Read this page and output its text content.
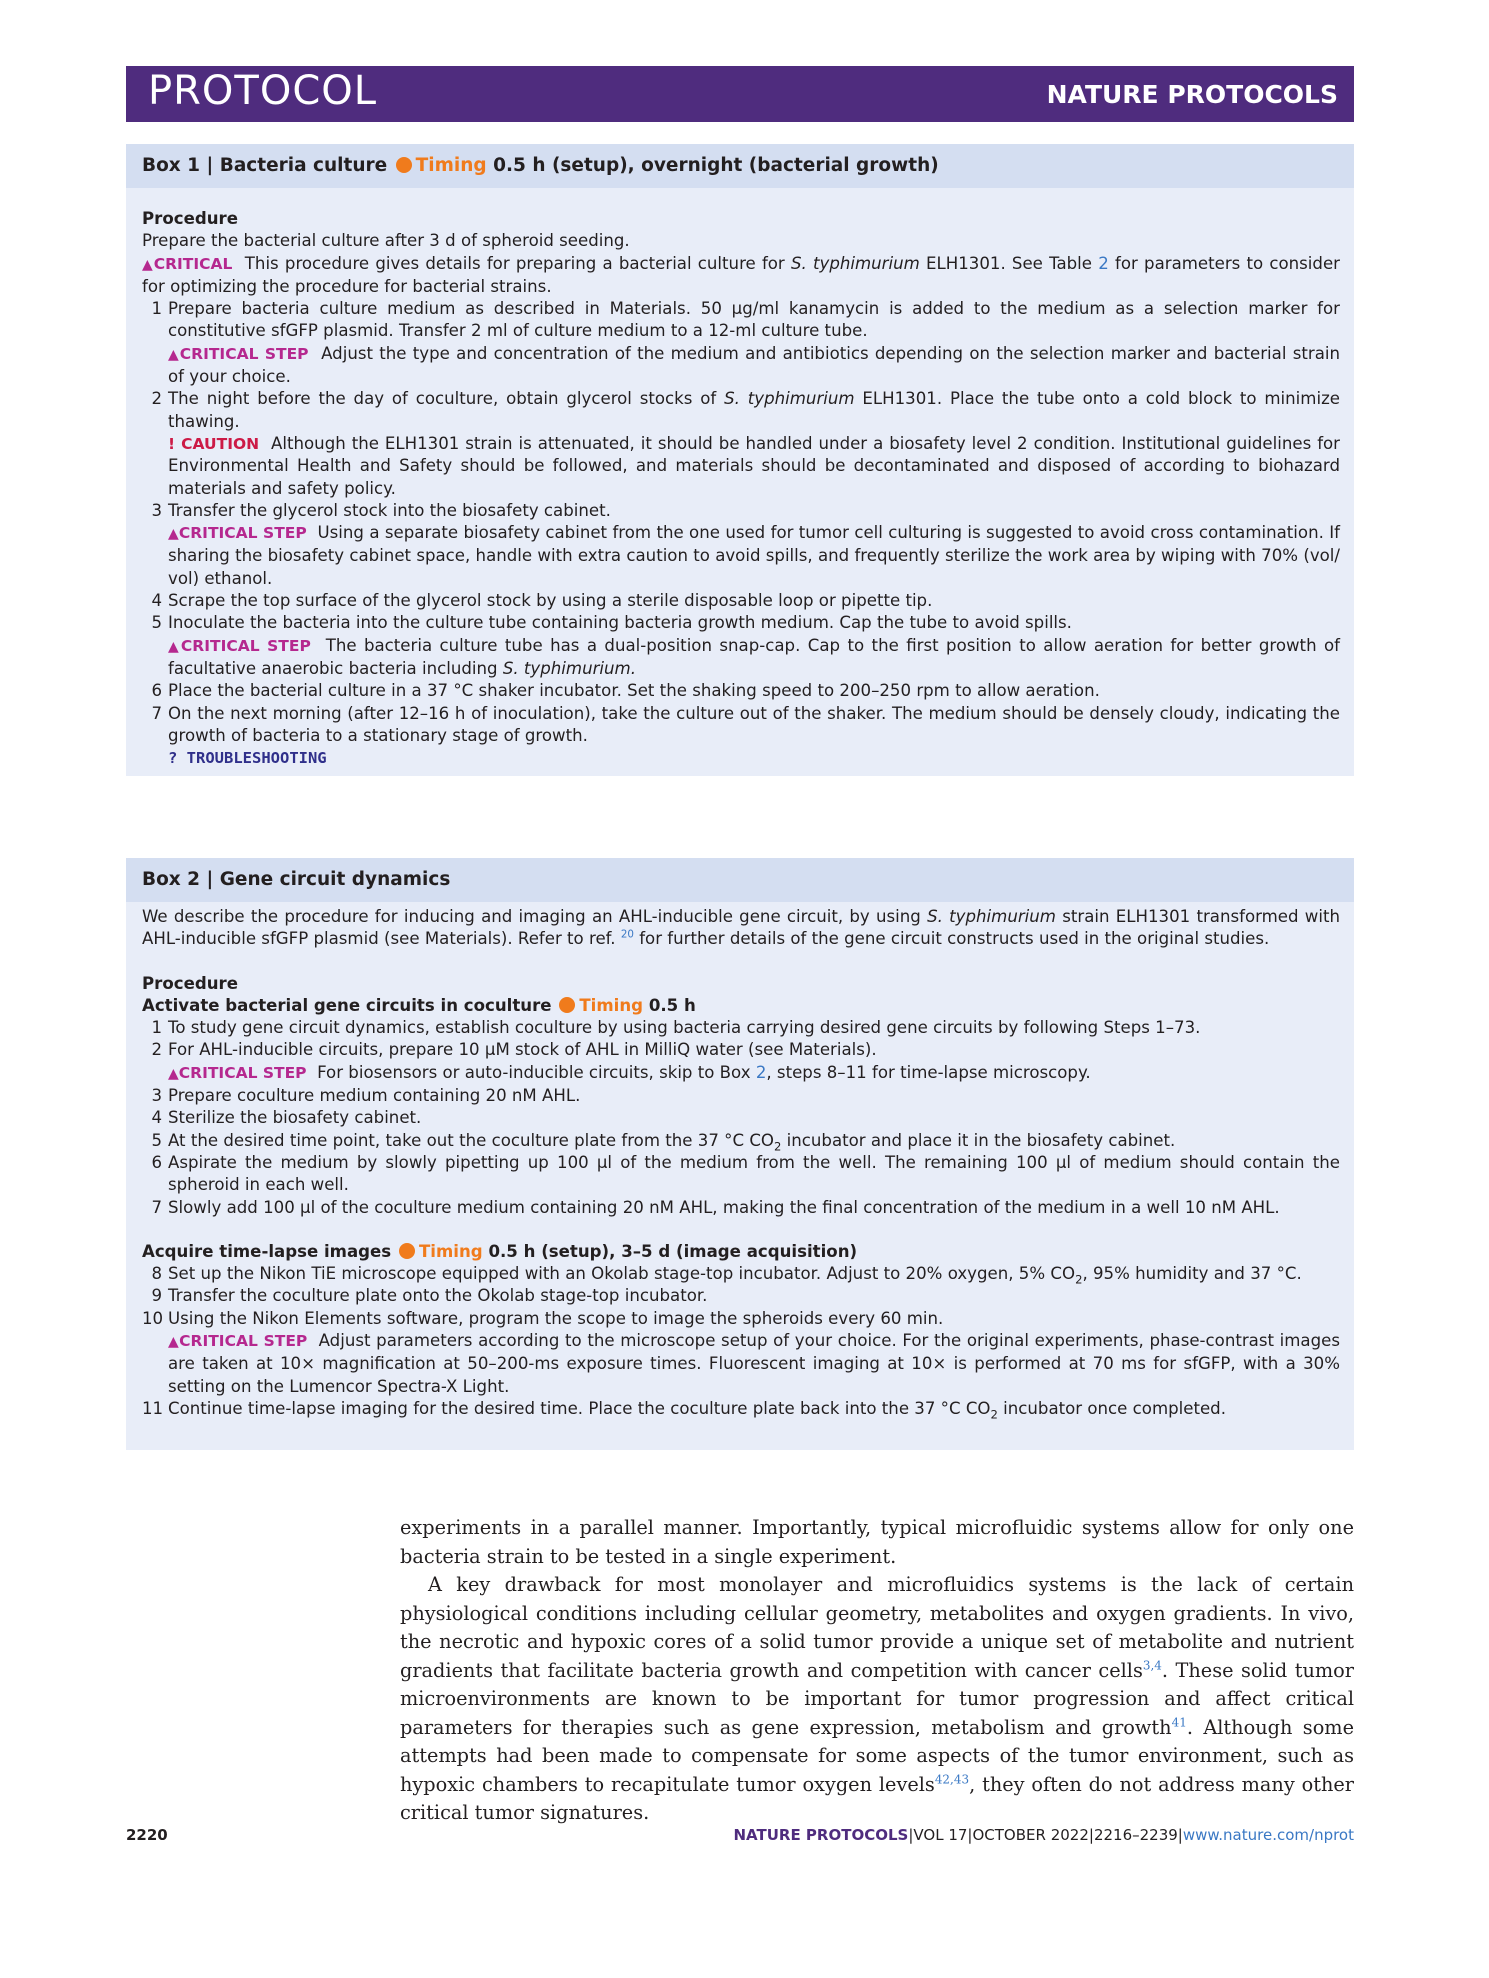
PROTOCOL	NATURE PROTOCOLS
Box 1 | Bacteria culture Timing 0.5 h (setup), overnight (bacterial growth)

Procedure

Prepare the bacterial culture after 3 d of spheroid seeding.

▲CRITICAL This procedure gives details for preparing a bacterial culture for S. typhimurium ELH1301. See Table 2 for parameters to consider for optimizing the procedure for bacterial strains.

1 Prepare bacteria culture medium as described in Materials. 50 µg/ml kanamycin is added to the medium as a selection marker for constitutive sfGFP plasmid. Transfer 2 ml of culture medium to a 12-ml culture tube.

▲CRITICAL STEP Adjust the type and concentration of the medium and antibiotics depending on the selection marker and bacterial strain of your choice.

2 The night before the day of coculture, obtain glycerol stocks of S. typhimurium ELH1301. Place the tube onto a cold block to minimize thawing.

! CAUTION Although the ELH1301 strain is attenuated, it should be handled under a biosafety level 2 condition. Institutional guidelines for Environmental Health and Safety should be followed, and materials should be decontaminated and disposed of according to biohazard materials and safety policy.

3 Transfer the glycerol stock into the biosafety cabinet.

▲CRITICAL STEP Using a separate biosafety cabinet from the one used for tumor cell culturing is suggested to avoid cross contamination. If sharing the biosafety cabinet space, handle with extra caution to avoid spills, and frequently sterilize the work area by wiping with 70% (vol/ vol) ethanol.

4 Scrape the top surface of the glycerol stock by using a sterile disposable loop or pipette tip.

5 Inoculate the bacteria into the culture tube containing bacteria growth medium. Cap the tube to avoid spills.

▲CRITICAL STEP The bacteria culture tube has a dual-position snap-cap. Cap to the first position to allow aeration for better growth of facultative anaerobic bacteria including S. typhimurium.

6 Place the bacterial culture in a 37 °C shaker incubator. Set the shaking speed to 200–250 rpm to allow aeration.

7 On the next morning (after 12–16 h of inoculation), take the culture out of the shaker. The medium should be densely cloudy, indicating the growth of bacteria to a stationary stage of growth.

? TROUBLESHOOTING

Box 2 | Gene circuit dynamics

We describe the procedure for inducing and imaging an AHL-inducible gene circuit, by using S. typhimurium strain ELH1301 transformed with AHL-inducible sfGFP plasmid (see Materials). Refer to ref. $^{20}$ for further details of the gene circuit constructs used in the original studies.

Procedure

Activate bacterial gene circuits in coculture Timing 0.5 h

1 To study gene circuit dynamics, establish coculture by using bacteria carrying desired gene circuits by following Steps 1–73.

2 For AHL-inducible circuits, prepare 10 µM stock of AHL in MilliQ water (see Materials).

▲CRITICAL STEP For biosensors or auto-inducible circuits, skip to Box 2, steps 8–11 for time-lapse microscopy.

3 Prepare coculture medium containing 20 nM AHL.

4 Sterilize the biosafety cabinet.

5 At the desired time point, take out the coculture plate from the 37 °C $CO_2$ incubator and place it in the biosafety cabinet.

6 Aspirate the medium by slowly pipetting up 100 µl of the medium from the well. The remaining 100 µl of medium should contain the spheroid in each well.

7 Slowly add 100 µl of the coculture medium containing 20 nM AHL, making the final concentration of the medium in a well 10 nM AHL.

Acquire time-lapse images Timing 0.5 h (setup), 3–5 d (image acquisition)

8 Set up the Nikon TiE microscope equipped with an Okolab stage-top incubator. Adjust to 20% oxygen, 5% $CO_2$, 95% humidity and 37 °C.

9 Transfer the coculture plate onto the Okolab stage-top incubator.

10 Using the Nikon Elements software, program the scope to image the spheroids every 60 min.

▲CRITICAL STEP Adjust parameters according to the microscope setup of your choice. For the original experiments, phase-contrast images are taken at 10× magnification at 50–200-ms exposure times. Fluorescent imaging at 10× is performed at 70 ms for sfGFP, with a 30% setting on the Lumencor Spectra-X Light.

11 Continue time-lapse imaging for the desired time. Place the coculture plate back into the 37 °C $CO_2$ incubator once completed.

experiments in a parallel manner. Importantly, typical microfluidic systems allow for only one bacteria strain to be tested in a single experiment.

A key drawback for most monolayer and microfluidics systems is the lack of certain physiological conditions including cellular geometry, metabolites and oxygen gradients. In vivo, the necrotic and hypoxic cores of a solid tumor provide a unique set of metabolite and nutrient gradients that facilitate bacteria growth and competition with cancer cells$^{3,4}$. These solid tumor microenvironments are known to be important for tumor progression and affect critical parameters for therapies such as gene expression, metabolism and growth$^{41}$. Although some attempts had been made to compensate for some aspects of the tumor environment, such as hypoxic chambers to recapitulate tumor oxygen levels$^{42,43}$, they often do not address many other critical tumor signatures.

2220	NATURE PROTOCOLS|VOL 17|OCTOBER 2022|2216–2239|www.nature.com/nprot
